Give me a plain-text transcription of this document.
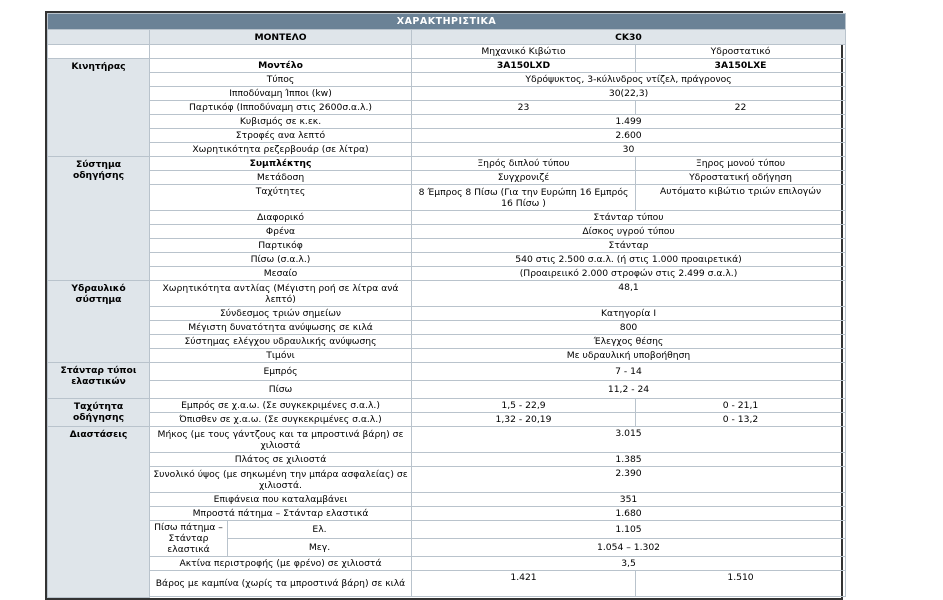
ΧΑΡΑΚΤΗΡΙΣΤΙΚΑ				
	ΜΟΝΤΕΛΟ		CK30	
			Μηχανικό Κιβώτιο	Υδροστατικό
Κινητήρας	Μοντέλο		3A150LXD	3A150LXE
	Τύπος		Υδρόψυκτος, 3-κύλινδρος ντίζελ, πράγρονος	
	Ιπποδύναμη Ίπποι (kw)		30(22,3)	
	Παρτικόφ (Ιπποδύναμη στις 2600σ.α.λ.)		23	22
	Κυβισμός σε κ.εκ.		1.499	
	Στροφές ανα λεπτό		2.600	
	Χωρητικότητα ρεζερβουάρ (σε λίτρα)		30	
Σύστημα οδηγήσης	Συμπλέκτης		Ξηρός διπλού τύπου	Ξηρος μονού τύπου
	Μετάδοση		Συγχρονιζέ	Υδροστατική οδήγηση
	Ταχύτητες		8 Έμπρος 8 Πίσω (Για την Ευρώπη 16 Εμπρός 16 Πίσω )	Αυτόματο κιβώτιο τριών επιλογών
	Διαφορικό		Στάνταρ τύπου	
	Φρένα		Δίσκος υγρού τύπου	
	Παρτικόφ		Στάνταρ	
	Πίσω (σ.α.λ.)		540 στις 2.500 σ.α.λ. (ή στις 1.000 προαιρετικά)	
	Μεσαίο		(Προαιρειικό 2.000 στροφών στις 2.499 σ.α.λ.)	
Υδραυλικό σύστημα	Χωρητικότητα αντλίας (Μέγιστη ροή σε λίτρα ανά λεπτό)		48,1	
	Σύνδεσμος τριών σημείων		Κατηγορία Ι	
	Μέγιστη δυνατότητα ανύψωσης σε κιλά		800	
	Σύστημας ελέγχου υδραυλικής ανύψωσης		Έλεγχος θέσης	
	Τιμόνι		Με υδραυλική υποβοήθηση	
Στάνταρ τύποι ελαστικών	Εμπρός		7 - 14	
	Πίσω		11,2 - 24	
Ταχύτητα οδήγησης	Εμπρός σε χ.α.ω. (Σε συγκεκριμένες σ.α.λ.)		1,5 - 22,9	0 - 21,1
	Όπισθεν σε χ.α.ω. (Σε συγκεκριμένες σ.α.λ.)		1,32 - 20,19	0 - 13,2
Διαστάσεις	Μήκος (με τους γάντζους και τα μπροστινά βάρη) σε χιλιοστά		3.015	
	Πλάτος σε χιλιοστά		1.385	
	Συνολικό ύψος (με σηκωμένη την μπάρα ασφαλείας) σε χιλιοστά.		2.390	
	Επιφάνεια που καταλαμβάνει		351	
	Μπροστά πάτημα – Στάνταρ ελαστικά		1.680	
	Πίσω πάτημα – Στάνταρ ελαστικά	Ελ.	1.105	
		Μεγ.	1.054 – 1.302	
	Ακτίνα περιστροφής (με φρένο) σε χιλιοστά		3,5	
	Βάρος με καμπίνα (χωρίς τα μπροστινά βάρη) σε κιλά		1.421	1.510
